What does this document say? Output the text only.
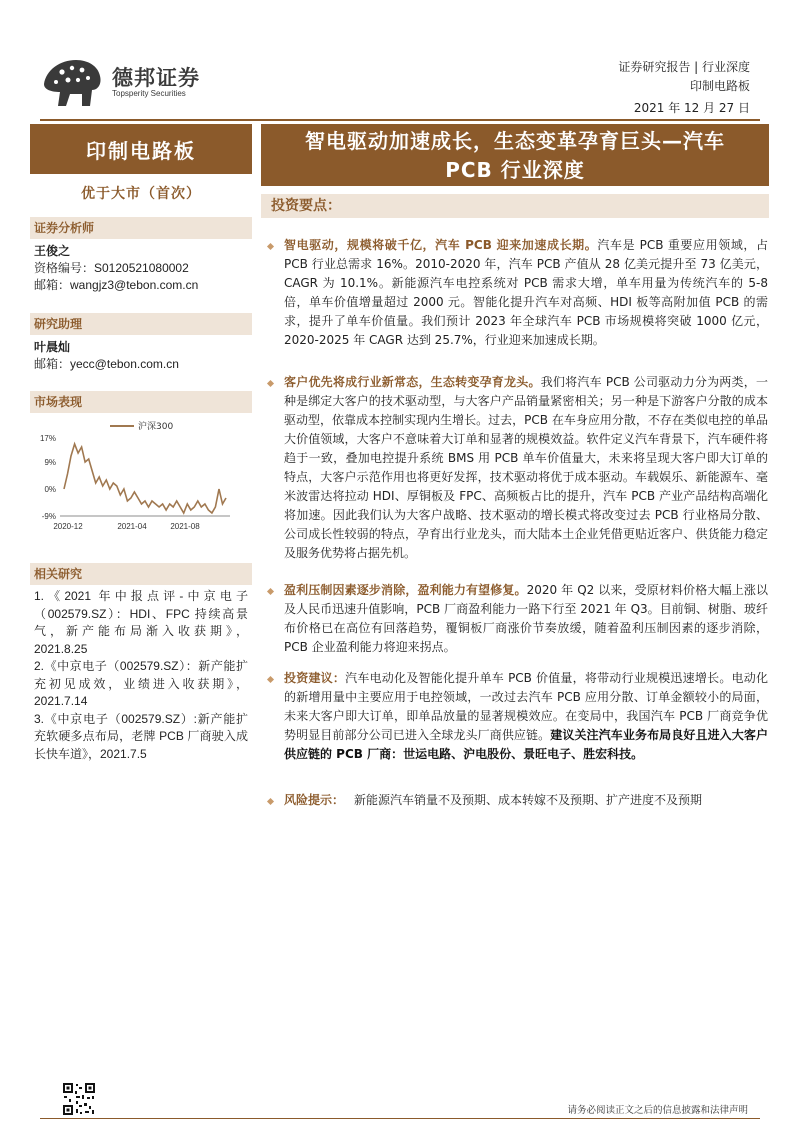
德邦证券
Topsperity Securities
证券研究报告 | 行业深度
印制电路板
2021 年 12 月 27 日
印制电路板
优于大市（首次）
证券分析师
王俊之
资格编号：S0120521080002
邮箱：wangjz3@tebon.com.cn
研究助理
叶晨灿
邮箱：yecc@tebon.com.cn
市场表现
17%
9%
0%
-9%
2020-12	2021-04	2021-08
沪深300
相关研究
1.《2021 年中报点评-中京电子（002579.SZ）：HDI、FPC 持续高景气，新产能布局渐入收获期》，2021.8.25
2.《中京电子（002579.SZ）：新产能扩充初见成效，业绩进入收获期》，2021.7.14
3.《中京电子（002579.SZ）:新产能扩充软硬多点布局，老牌 PCB 厂商驶入成长快车道》，2021.7.5
智电驱动加速成长，生态变革孕育巨头—汽车
PCB 行业深度
投资要点：
智电驱动，规模将破千亿，汽车 PCB 迎来加速成长期。汽车是 PCB 重要应用领域，占 PCB 行业总需求 16%。2010-2020 年，汽车 PCB 产值从 28 亿美元提升至 73 亿美元，CAGR 为 10.1%。新能源汽车电控系统对 PCB 需求大增，单车用量为传统汽车的 5-8 倍，单车价值增量超过 2000 元。智能化提升汽车对高频、HDI 板等高附加值 PCB 的需求，提升了单车价值量。我们预计 2023 年全球汽车 PCB 市场规模将突破 1000 亿元，2020-2025 年 CAGR 达到 25.7%，行业迎来加速成长期。
客户优先将成行业新常态，生态转变孕育龙头。我们将汽车 PCB 公司驱动力分为两类，一种是绑定大客户的技术驱动型，与大客户产品销量紧密相关；另一种是下游客户分散的成本驱动型，依靠成本控制实现内生增长。过去，PCB 在车身应用分散，不存在类似电控的单品大价值领域，大客户不意味着大订单和显著的规模效益。软件定义汽车背景下，汽车硬件将趋于一致，叠加电控提升系统 BMS 用 PCB 单车价值量大，未来将呈现大客户即大订单的特点，大客户示范作用也将更好发挥，技术驱动将优于成本驱动。车载娱乐、新能源车、毫米波雷达将拉动 HDI、厚铜板及 FPC、高频板占比的提升，汽车 PCB 产业产品结构高端化将加速。因此我们认为大客户战略、技术驱动的增长模式将改变过去 PCB 行业格局分散、公司成长性较弱的特点，孕育出行业龙头，而大陆本土企业凭借更贴近客户、供货能力稳定及服务优势将占据先机。
盈利压制因素逐步消除，盈利能力有望修复。2020 年 Q2 以来，受原材料价格大幅上涨以及人民币迅速升值影响，PCB 厂商盈利能力一路下行至 2021 年 Q3。目前铜、树脂、玻纤布价格已在高位有回落趋势，覆铜板厂商涨价节奏放缓，随着盈利压制因素的逐步消除，PCB 企业盈利能力将迎来拐点。
投资建议：汽车电动化及智能化提升单车 PCB 价值量，将带动行业规模迅速增长。电动化的新增用量中主要应用于电控领域，一改过去汽车 PCB 应用分散、订单金额较小的局面，未来大客户即大订单，即单品放量的显著规模效应。在变局中，我国汽车 PCB 厂商竞争优势明显目前部分公司已进入全球龙头厂商供应链。建议关注汽车业务布局良好且进入大客户供应链的 PCB 厂商：世运电路、沪电股份、景旺电子、胜宏科技。
风险提示： 新能源汽车销量不及预期、成本转嫁不及预期、扩产进度不及预期
请务必阅读正文之后的信息披露和法律声明
